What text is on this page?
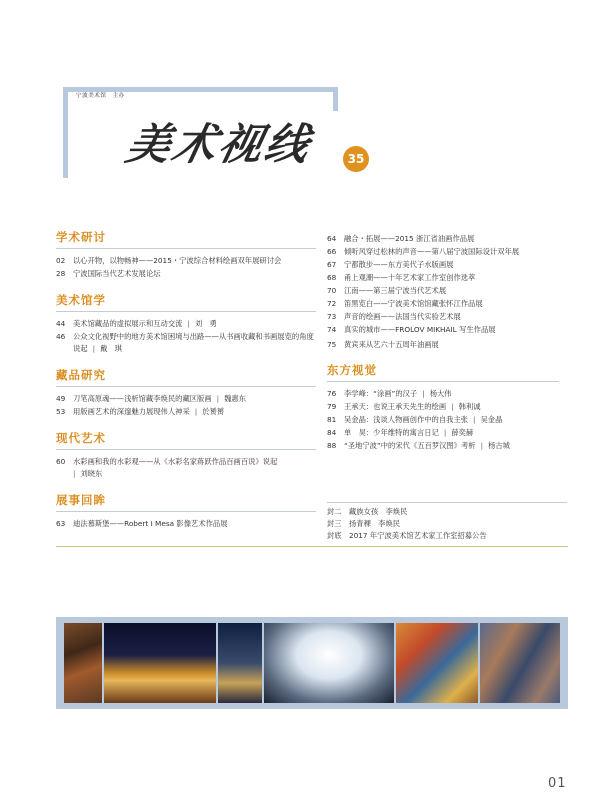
宁波美术馆　主办
美术视线	35
学术研讨
02	以心开物，以物畅神——2015・宁波综合材料绘画双年展研讨会
28	宁波国际当代艺术发展论坛
美术馆学
44	美术馆藏品的虚拟展示和互动交流 | 刘　勇
46	公众文化视野中的地方美术馆困境与出路——从书画收藏和书画展览的角度说起 | 戴　琪
藏品研究
49	刀笔高原魂——浅析馆藏李焕民的藏区版画 | 魏惠东
53	用版画艺术的深邃魅力展现伟人神采 | 於赟赟
现代艺术
60	水彩画和我的水彩观——从《水彩名家蒋跃作品百画百说》说起
| 刘晓东
展事回眸
63	迪法慕斯堡——Robert I Mesa 影像艺术作品展
64	融合・拓展——2015 浙江省油画作品展
66	倾听风穿过松林的声音——第八届宁波国际设计双年展
67	宁都散步——东方美代子水版画展
68	甬上观潮——十年艺术家工作室创作选萃
70	江南——第三届宁波当代艺术展
72	笛黑览白——宁波美术馆馆藏张怀江作品展
73	声音的绘画——法国当代实验艺术展
74	真实的城市——FROLOV MIKHAIL 写生作品展
75	黄宾来从艺六十五周年油画展
东方视觉
76	李学峰：“涂画”的汉子 | 杨大伟
79	王承天：也说王承天先生的绘画 | 韩利诚
81	吴金晶：浅谈人物画创作中的自我主张 | 吴金晶
84	单　昊：少年维特的寓言日记 | 薛奕赫
88	“圣地宁波”中的宋代《五百罗汉图》考析 | 杨古城
封二 藏族女孩　李焕民
封三 扬青稞　李焕民
封底 2017 年宁波美术馆艺术家工作室招募公告
01
